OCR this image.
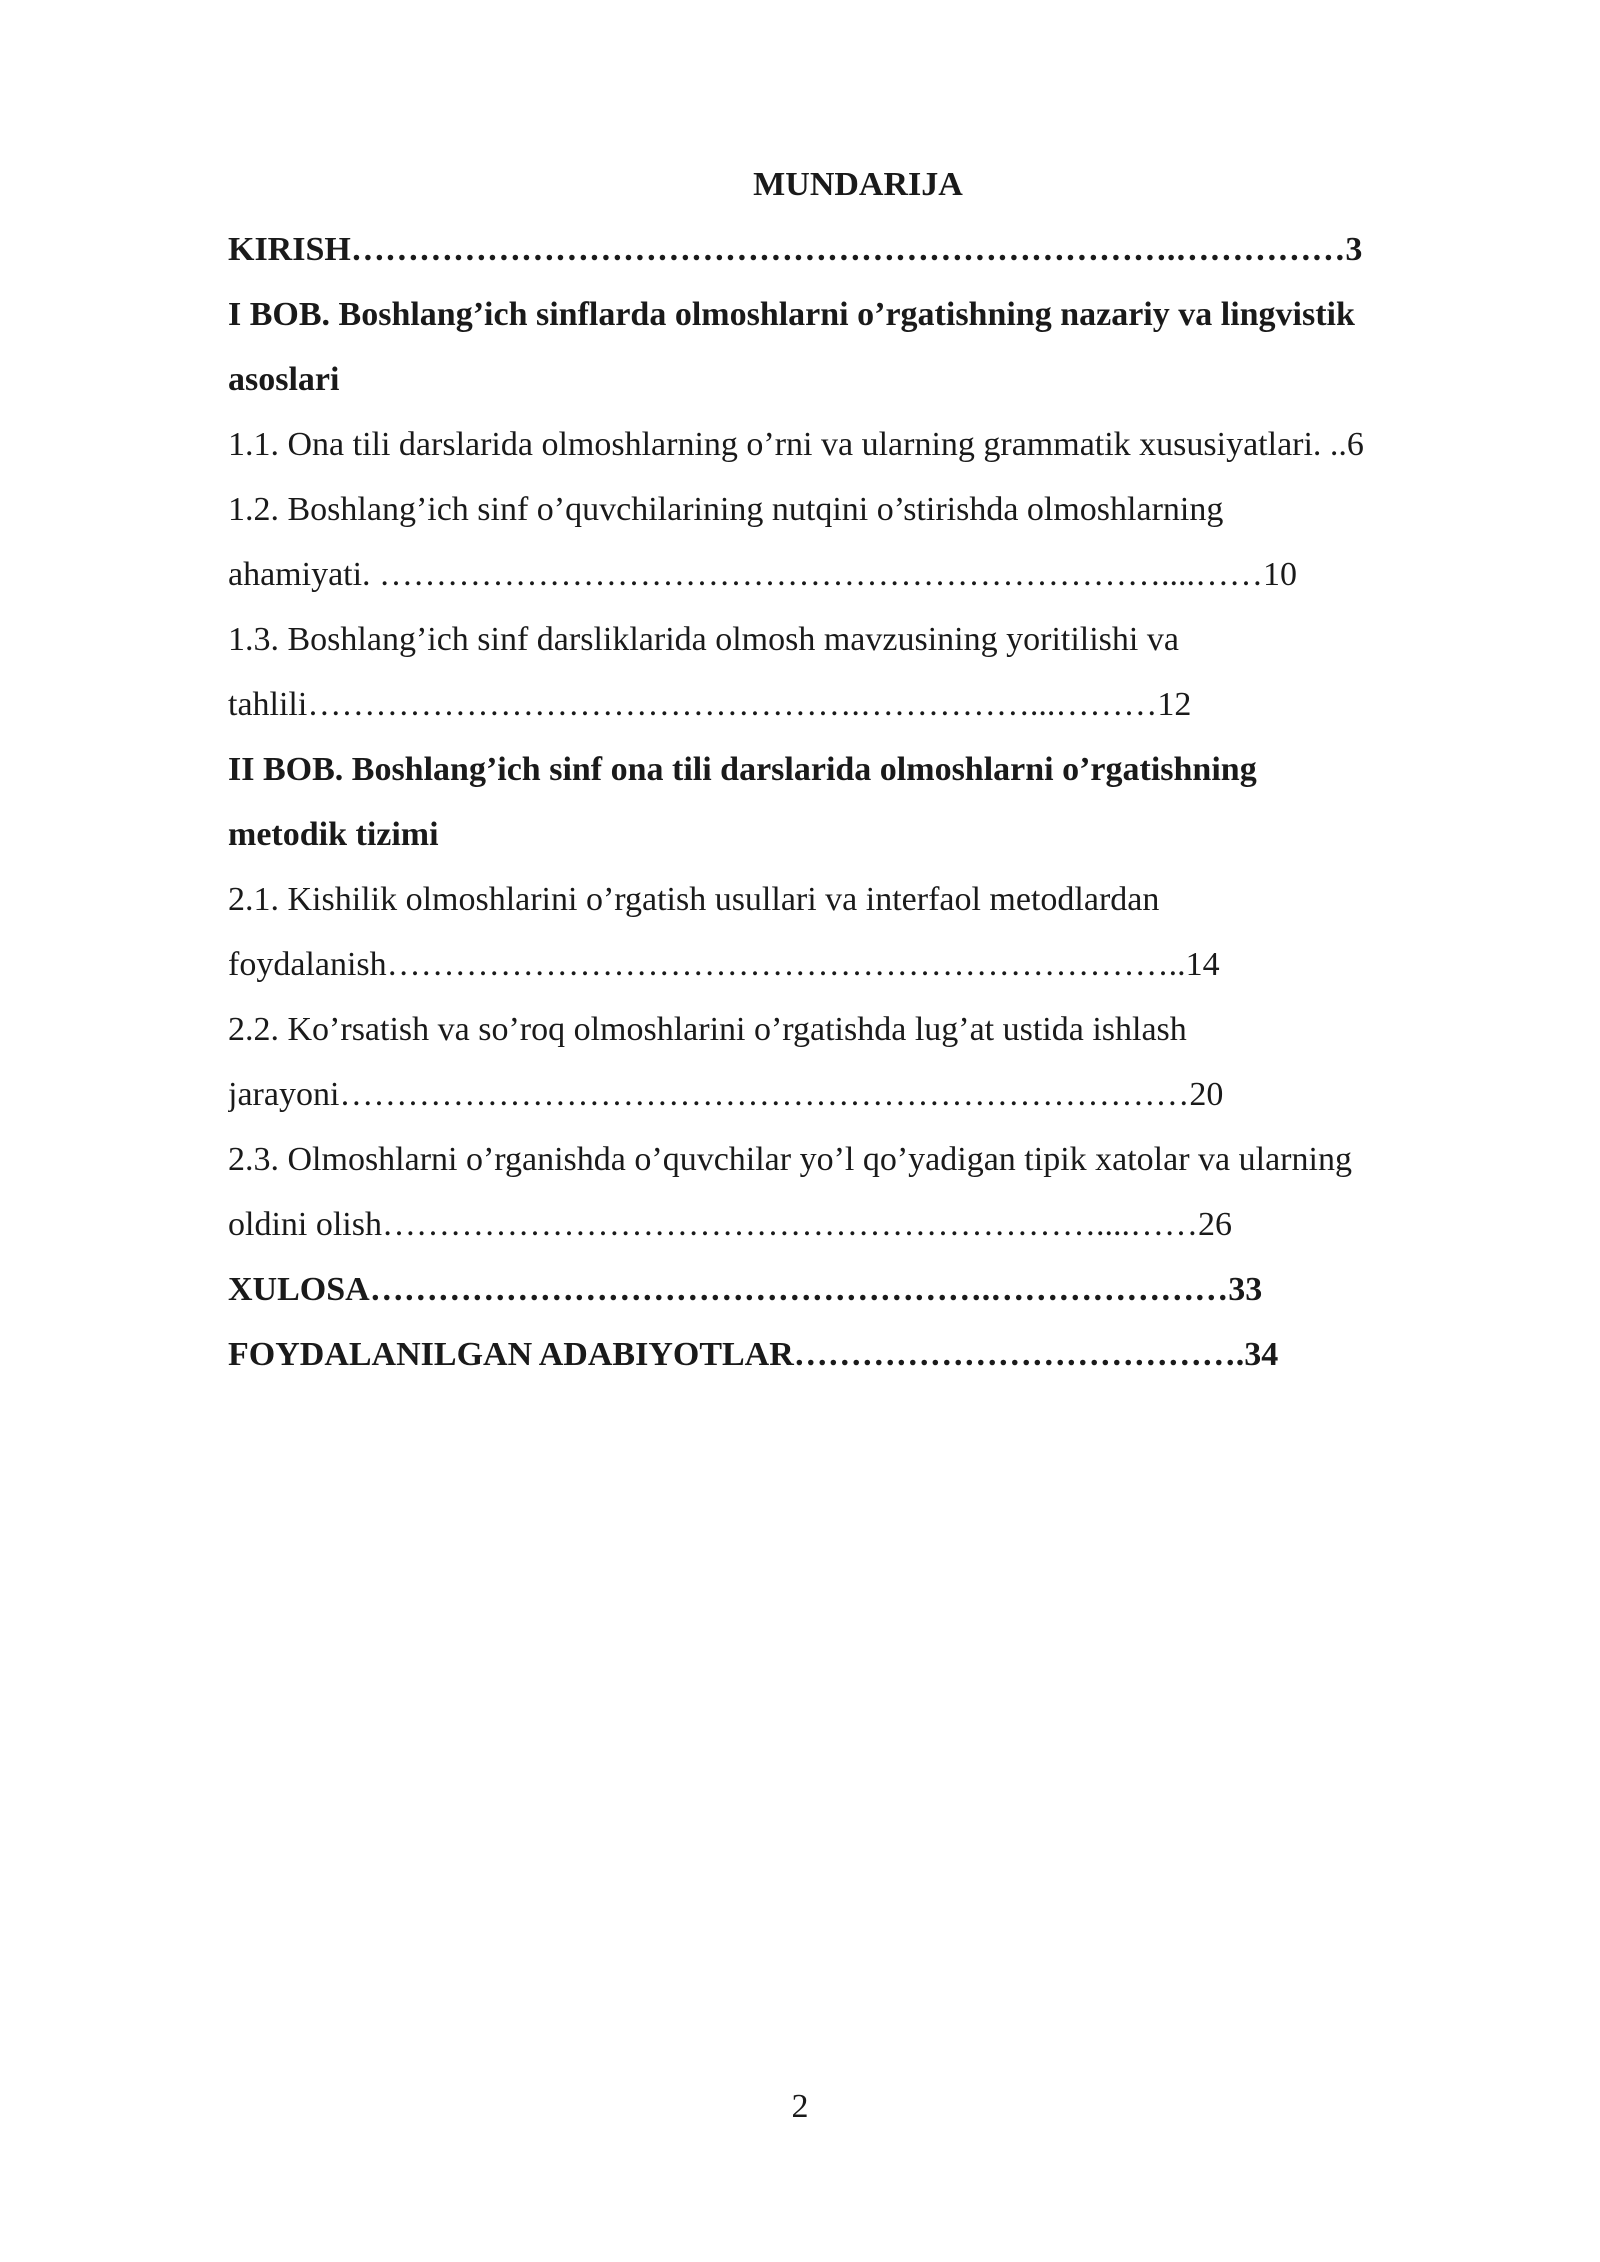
MUNDARIJA
KIRISH……………………………………………………………….……………3
I BOB. Boshlang’ich sinflarda olmoshlarni o’rgatishning nazariy va lingvistik
asoslari
1.1. Ona tili darslarida olmoshlarning o’rni va ularning grammatik xususiyatlari. ..6
1.2. Boshlang’ich sinf o’quvchilarining nutqini o’stirishda olmoshlarning
ahamiyati. ……………………………………………………………....……10
1.3. Boshlang’ich sinf darsliklarida olmosh mavzusining yoritilishi va
tahlili………………………………………….……………...………12
II BOB. Boshlang’ich sinf ona tili darslarida olmoshlarni o’rgatishning
metodik tizimi
2.1. Kishilik olmoshlarini o’rgatish usullari va interfaol metodlardan
foydalanish……………………………………………………………..14
2.2. Ko’rsatish va so’roq olmoshlarini o’rgatishda lug’at ustida ishlash
jarayoni…………………………………………………………………20
2.3. Olmoshlarni o’rganishda o’quvchilar yo’l qo’yadigan tipik xatolar va ularning
oldini olish………………………………………………………....……26
XULOSA……………………………………………….…………………33
FOYDALANILGAN ADABIYOTLAR………………………………….34
2
